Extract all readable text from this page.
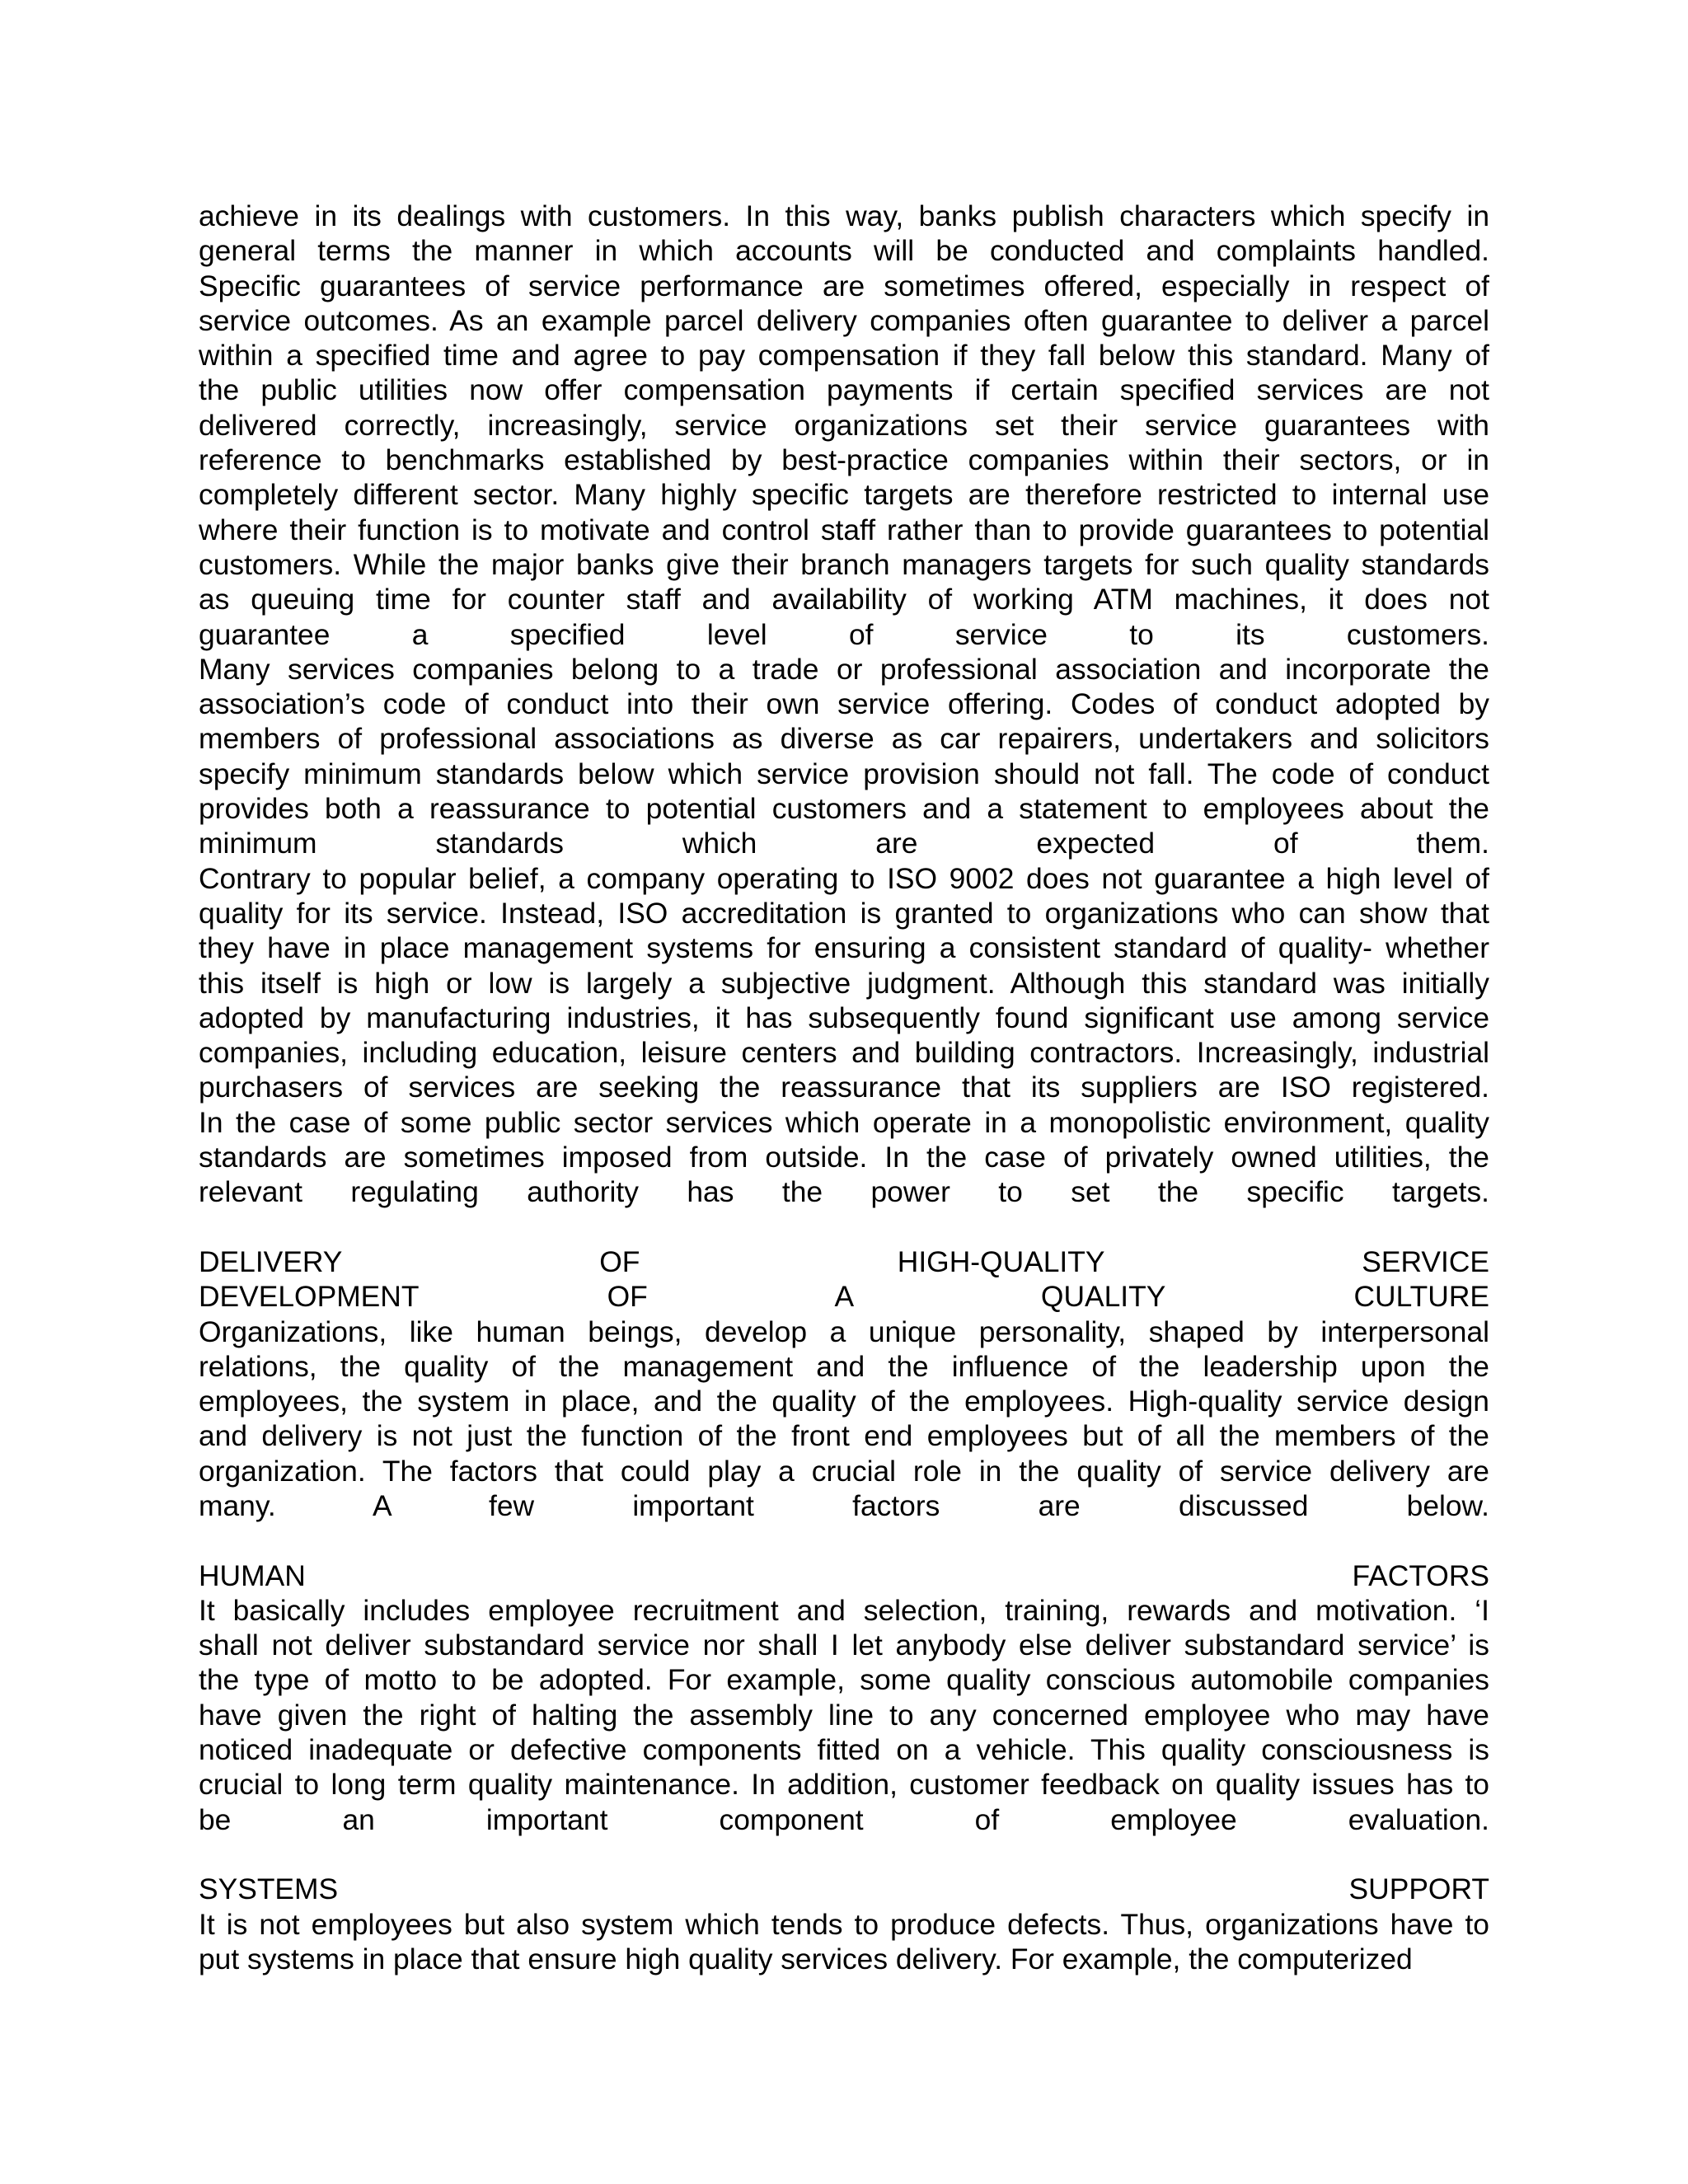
achieve in its dealings with customers. In this way, banks publish characters which specify in
general terms the manner in which accounts will be conducted and complaints handled.
Specific guarantees of service performance are sometimes offered, especially in respect of
service outcomes. As an example parcel delivery companies often guarantee to deliver a parcel
within a specified time and agree to pay compensation if they fall below this standard. Many of
the public utilities now offer compensation payments if certain specified services are not
delivered correctly, increasingly, service organizations set their service guarantees with
reference to benchmarks established by best-practice companies within their sectors, or in
completely different sector. Many highly specific targets are therefore restricted to internal use
where their function is to motivate and control staff rather than to provide guarantees to potential
customers. While the major banks give their branch managers targets for such quality standards
as queuing time for counter staff and availability of working ATM machines, it does not
guarantee a specified level of service to its customers.
Many services companies belong to a trade or professional association and incorporate the
association’s code of conduct into their own service offering. Codes of conduct adopted by
members of professional associations as diverse as car repairers, undertakers and solicitors
specify minimum standards below which service provision should not fall. The code of conduct
provides both a reassurance to potential customers and a statement to employees about the
minimum standards which are expected of them.
Contrary to popular belief, a company operating to ISO 9002 does not guarantee a high level of
quality for its service. Instead, ISO accreditation is granted to organizations who can show that
they have in place management systems for ensuring a consistent standard of quality- whether
this itself is high or low is largely a subjective judgment. Although this standard was initially
adopted by manufacturing industries, it has subsequently found significant use among service
companies, including education, leisure centers and building contractors. Increasingly, industrial
purchasers of services are seeking the reassurance that its suppliers are ISO registered.
In the case of some public sector services which operate in a monopolistic environment, quality
standards are sometimes imposed from outside. In the case of privately owned utilities, the
relevant regulating authority has the power to set the specific targets.
DELIVERY OF HIGH-QUALITY SERVICE
DEVELOPMENT OF A QUALITY CULTURE
Organizations, like human beings, develop a unique personality, shaped by interpersonal
relations, the quality of the management and the influence of the leadership upon the
employees, the system in place, and the quality of the employees. High-quality service design
and delivery is not just the function of the front end employees but of all the members of the
organization. The factors that could play a crucial role in the quality of service delivery are
many. A few important factors are discussed below.
HUMAN FACTORS
It basically includes employee recruitment and selection, training, rewards and motivation. ‘I
shall not deliver substandard service nor shall I let anybody else deliver substandard service’ is
the type of motto to be adopted. For example, some quality conscious automobile companies
have given the right of halting the assembly line to any concerned employee who may have
noticed inadequate or defective components fitted on a vehicle. This quality consciousness is
crucial to long term quality maintenance. In addition, customer feedback on quality issues has to
be an important component of employee evaluation.
SYSTEMS SUPPORT
It is not employees but also system which tends to produce defects. Thus, organizations have to
put systems in place that ensure high quality services delivery. For example, the computerized
